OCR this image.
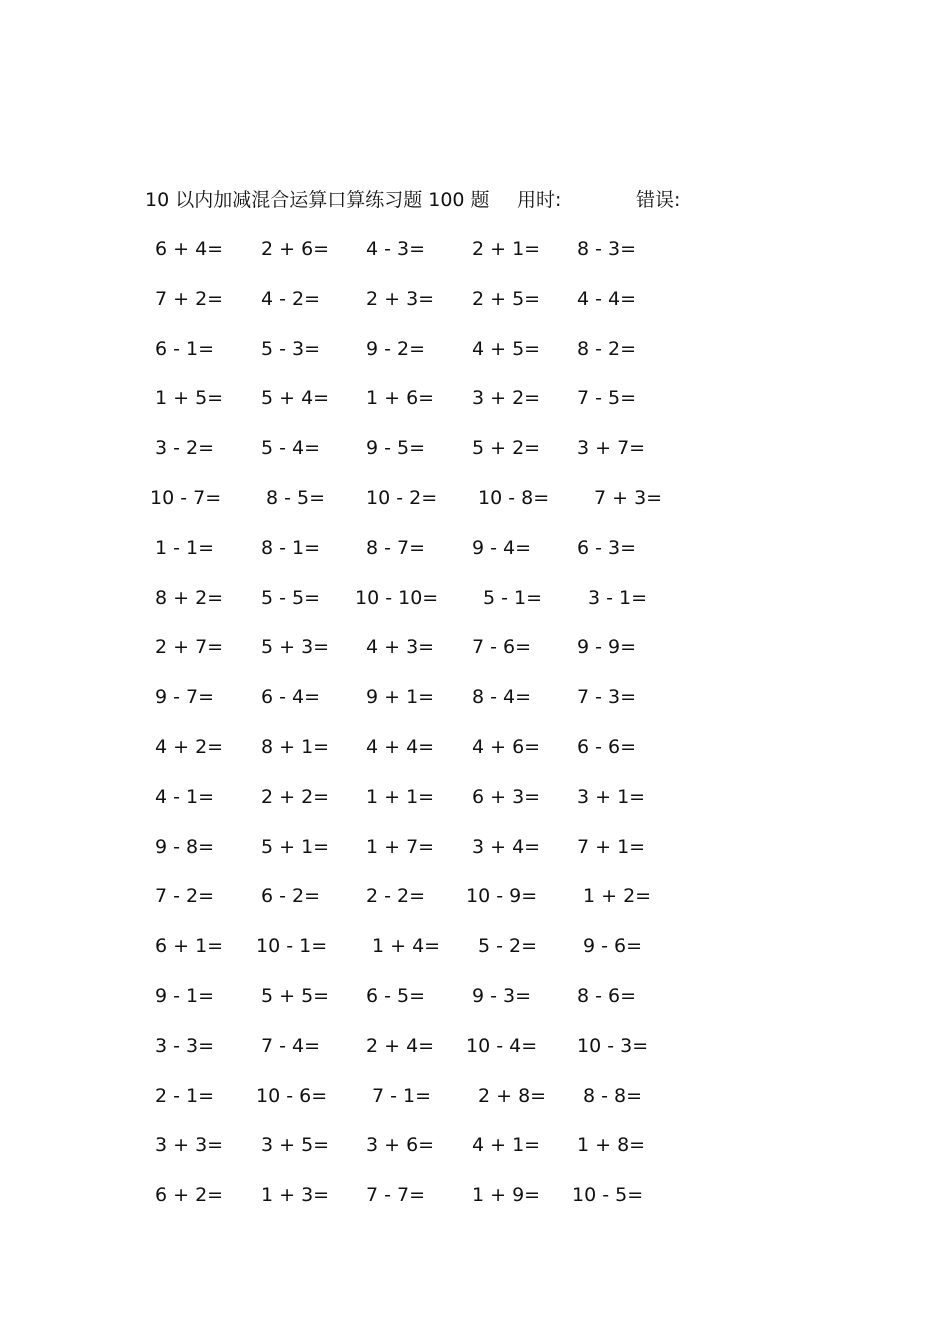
10 以内加减混合运算口算练习题 100 题 用时:	错误:
6 + 4= 2 + 6= 4 - 3= 2 + 1= 8 - 3=
7 + 2= 4 - 2= 2 + 3= 2 + 5= 4 - 4=
6 - 1= 5 - 3= 9 - 2= 4 + 5= 8 - 2=
1 + 5= 5 + 4= 1 + 6= 3 + 2= 7 - 5=
3 - 2= 5 - 4= 9 - 5= 5 + 2= 3 + 7=
10 - 7= 8 - 5= 10 - 2= 10 - 8= 7 + 3=
1 - 1= 8 - 1= 8 - 7= 9 - 4= 6 - 3=
8 + 2= 5 - 5= 10 - 10= 5 - 1= 3 - 1=
2 + 7= 5 + 3= 4 + 3= 7 - 6= 9 - 9=
9 - 7= 6 - 4= 9 + 1= 8 - 4= 7 - 3=
4 + 2= 8 + 1= 4 + 4= 4 + 6= 6 - 6=
4 - 1= 2 + 2= 1 + 1= 6 + 3= 3 + 1=
9 - 8= 5 + 1= 1 + 7= 3 + 4= 7 + 1=
7 - 2= 6 - 2= 2 - 2= 10 - 9= 1 + 2=
6 + 1= 10 - 1= 1 + 4= 5 - 2= 9 - 6=
9 - 1= 5 + 5= 6 - 5= 9 - 3= 8 - 6=
3 - 3= 7 - 4= 2 + 4= 10 - 4= 10 - 3=
2 - 1= 10 - 6= 7 - 1= 2 + 8= 8 - 8=
3 + 3= 3 + 5= 3 + 6= 4 + 1= 1 + 8=
6 + 2= 1 + 3= 7 - 7= 1 + 9= 10 - 5=
